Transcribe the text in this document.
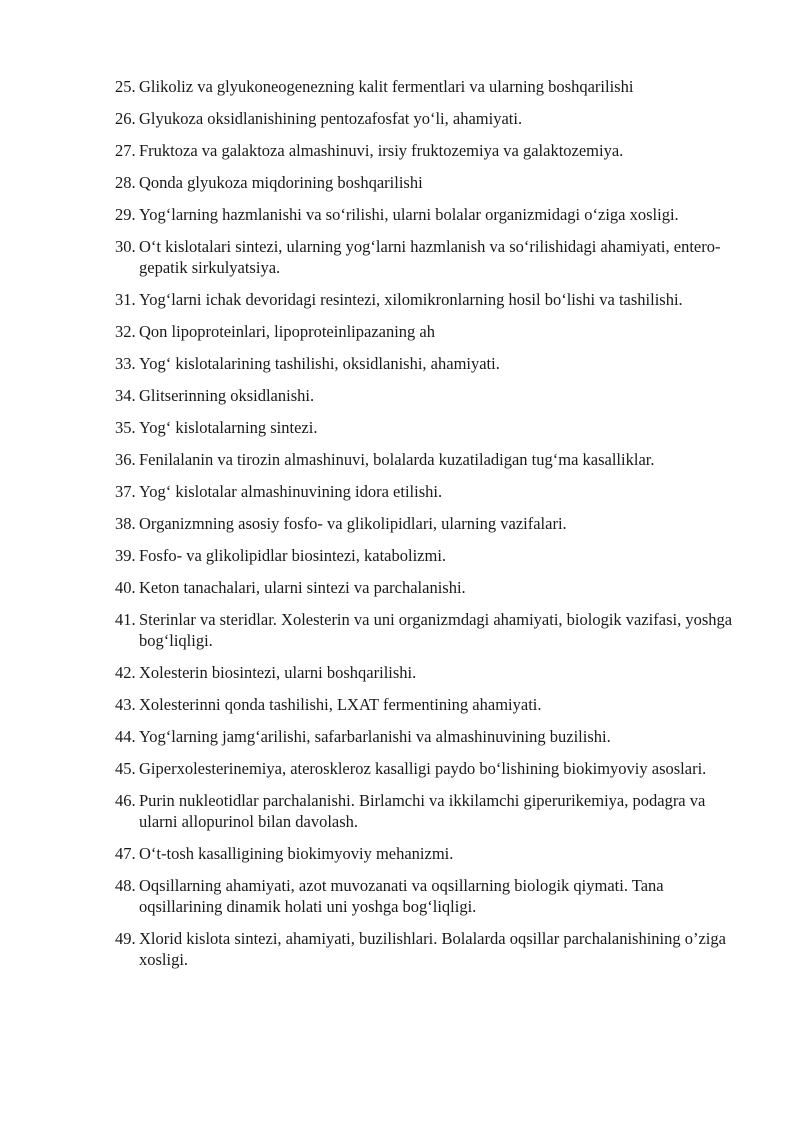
25. Glikoliz va glyukoneogenezning kalit fermentlari va ularning boshqarilishi
26. Glyukoza oksidlanishining pentozafosfat yo‘li, ahamiyati.
27. Fruktoza va galaktoza almashinuvi, irsiy fruktozemiya va galaktozemiya.
28. Qonda glyukoza miqdorining boshqarilishi
29. Yog‘larning hazmlanishi va so‘rilishi, ularni bolalar organizmidagi o‘ziga xosligi.
30. O‘t kislotalari sintezi, ularning yog‘larni hazmlanish va so‘rilishidagi ahamiyati, entero-gepatik sirkulyatsiya.
31. Yog‘larni ichak devoridagi resintezi, xilomikronlarning hosil bo‘lishi va tashilishi.
32. Qon lipoproteinlari, lipoproteinlipazaning ah
33. Yog‘ kislotalarining tashilishi, oksidlanishi, ahamiyati.
34. Glitserinning oksidlanishi.
35. Yog‘ kislotalarning sintezi.
36. Fenilalanin va tirozin almashinuvi, bolalarda kuzatiladigan tug‘ma kasalliklar.
37. Yog‘ kislotalar almashinuvining idora etilishi.
38. Organizmning asosiy fosfo- va glikolipidlari, ularning vazifalari.
39. Fosfo- va glikolipidlar biosintezi, katabolizmi.
40. Keton tanachalari, ularni sintezi va parchalanishi.
41. Sterinlar va steridlar. Xolesterin va uni organizmdagi ahamiyati, biologik vazifasi, yoshga bog‘liqligi.
42. Xolesterin biosintezi, ularni boshqarilishi.
43. Xolesterinni qonda tashilishi, LXAT fermentining ahamiyati.
44. Yog‘larning jamg‘arilishi, safarbarlanishi va almashinuvining buzilishi.
45. Giperxolesterinemiya, ateroskleroz kasalligi paydo bo‘lishining biokimyoviy asoslari.
46. Purin nukleotidlar parchalanishi. Birlamchi va ikkilamchi giperurikemiya, podagra va ularni allopurinol bilan davolash.
47. O‘t-tosh kasalligining biokimyoviy mehanizmi.
48. Oqsillarning ahamiyati, azot muvozanati va oqsillarning biologik qiymati. Tana oqsillarining dinamik holati uni yoshga bog‘liqligi.
49. Xlorid kislota sintezi, ahamiyati, buzilishlari. Bolalarda oqsillar parchalanishining o’ziga xosligi.
